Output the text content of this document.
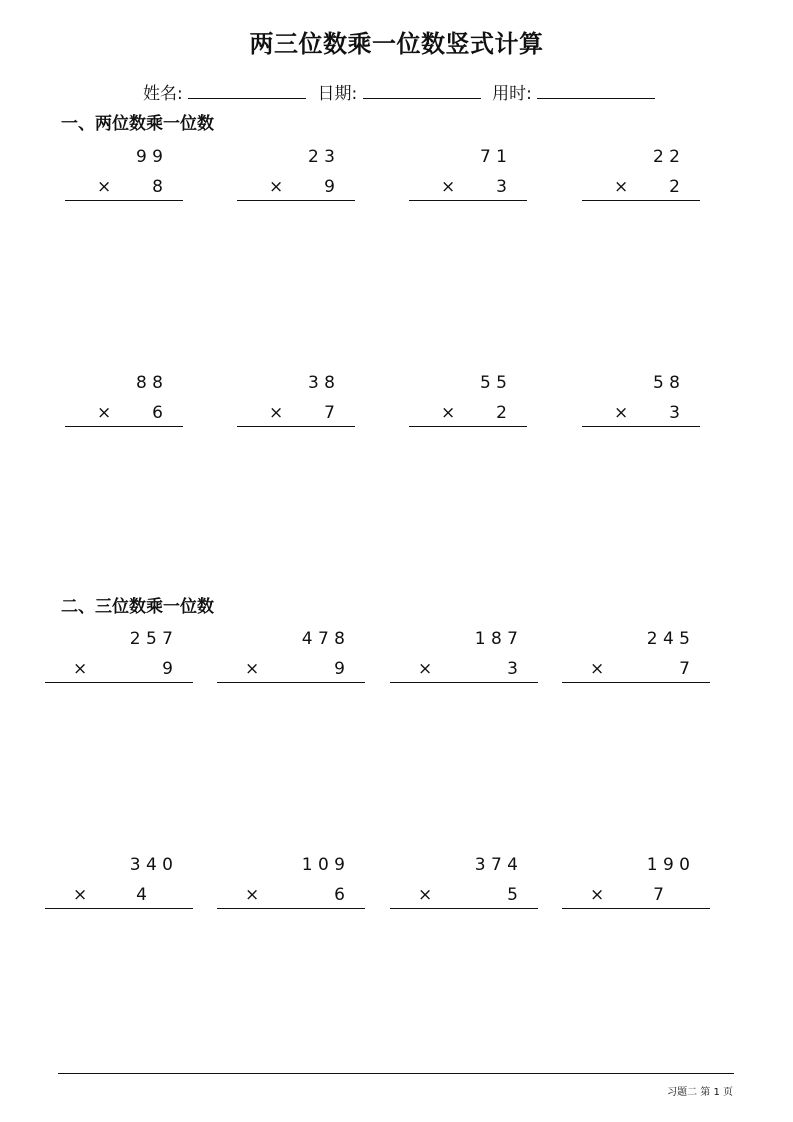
两三位数乘一位数竖式计算
姓名:	日期:	用时:
一、两位数乘一位数
二、三位数乘一位数
9 9
× 8
2 3
× 9
7 1
× 3
2 2
× 2
8 8
× 6
3 8
× 7
5 5
× 2
5 8
× 3
2 5 7
×	9
4 7 8
×	9
1 8 7
×	3
2 4 5
×	7
3 4 0
×	4
1 0 9
×	6
3 7 4
×	5
1 9 0
×	7
习题二 第 1 页
